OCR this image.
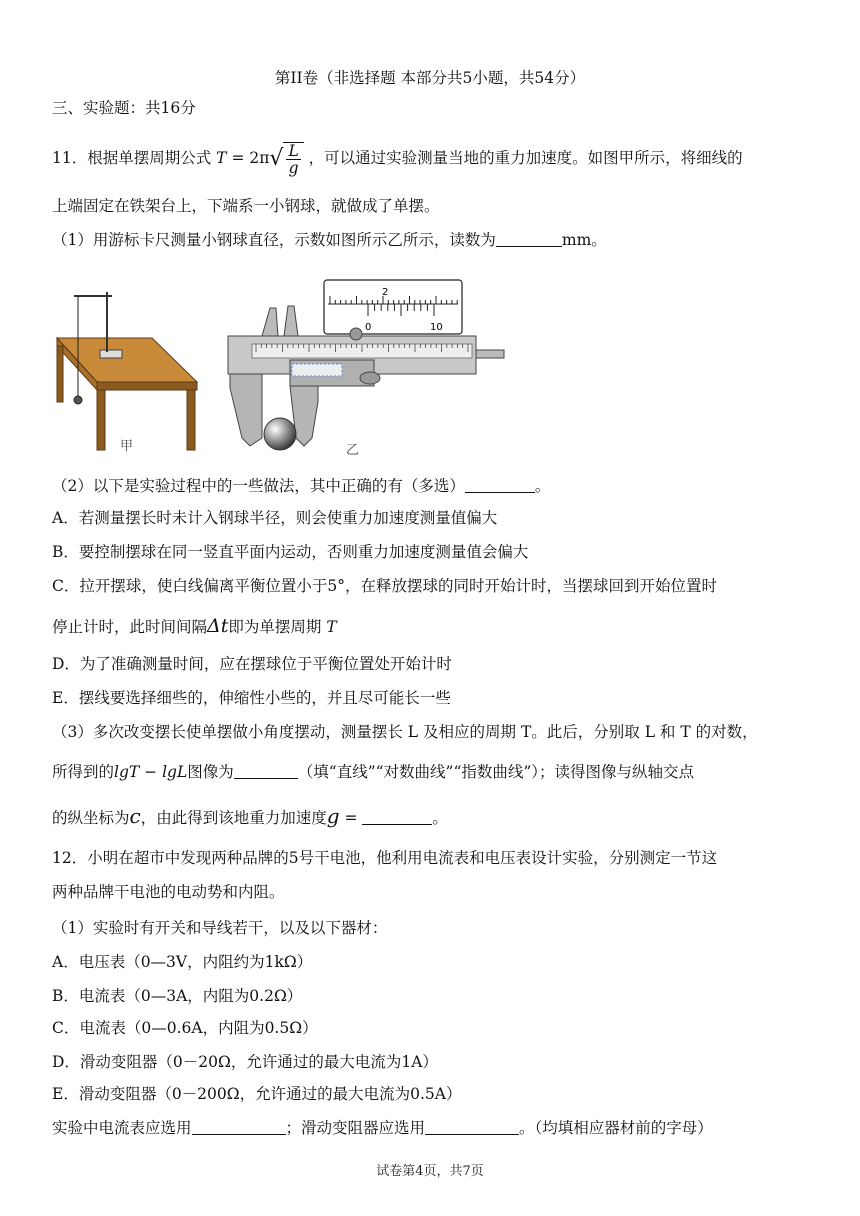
第II卷（非选择题 本部分共5小题，共54分）
三、实验题：共16分
11．根据单摆周期公式 T = 2π √ $\frac{L}{g}$ ，可以通过实验测量当地的重力加速度。如图甲所示，将细线的
上端固定在铁架台上，下端系一小钢球，就做成了单摆。
（1）用游标卡尺测量小钢球直径，示数如图所示乙所示，读数为	mm。
甲
2
0	10
乙
（2）以下是实验过程中的一些做法，其中正确的有（多选）	。
A．若测量摆长时未计入钢球半径，则会使重力加速度测量值偏大
B．要控制摆球在同一竖直平面内运动，否则重力加速度测量值会偏大
C．拉开摆球，使白线偏离平衡位置小于5°，在释放摆球的同时开始计时，当摆球回到开始位置时
停止计时，此时间间隔Δt即为单摆周期 T
D．为了准确测量时间，应在摆球位于平衡位置处开始计时
E．摆线要选择细些的，伸缩性小些的，并且尽可能长一些
（3）多次改变摆长使单摆做小角度摆动，测量摆长 L 及相应的周期 T。此后，分别取 L 和 T 的对数，
所得到的lgT − lgL图像为	（填“直线”“对数曲线”“指数曲线”）；读得图像与纵轴交点
的纵坐标为c，由此得到该地重力加速度g =	。
12．小明在超市中发现两种品牌的5号干电池，他利用电流表和电压表设计实验，分别测定一节这
两种品牌干电池的电动势和内阻。
（1）实验时有开关和导线若干，以及以下器材：
A．电压表（0—3V，内阻约为1kΩ）
B．电流表（0—3A，内阻为0.2Ω）
C．电流表（0—0.6A，内阻为0.5Ω）
D．滑动变阻器（0－20Ω，允许通过的最大电流为1A）
E．滑动变阻器（0－200Ω，允许通过的最大电流为0.5A）
实验中电流表应选用	；滑动变阻器应选用	。（均填相应器材前的字母）
试卷第4页，共7页
